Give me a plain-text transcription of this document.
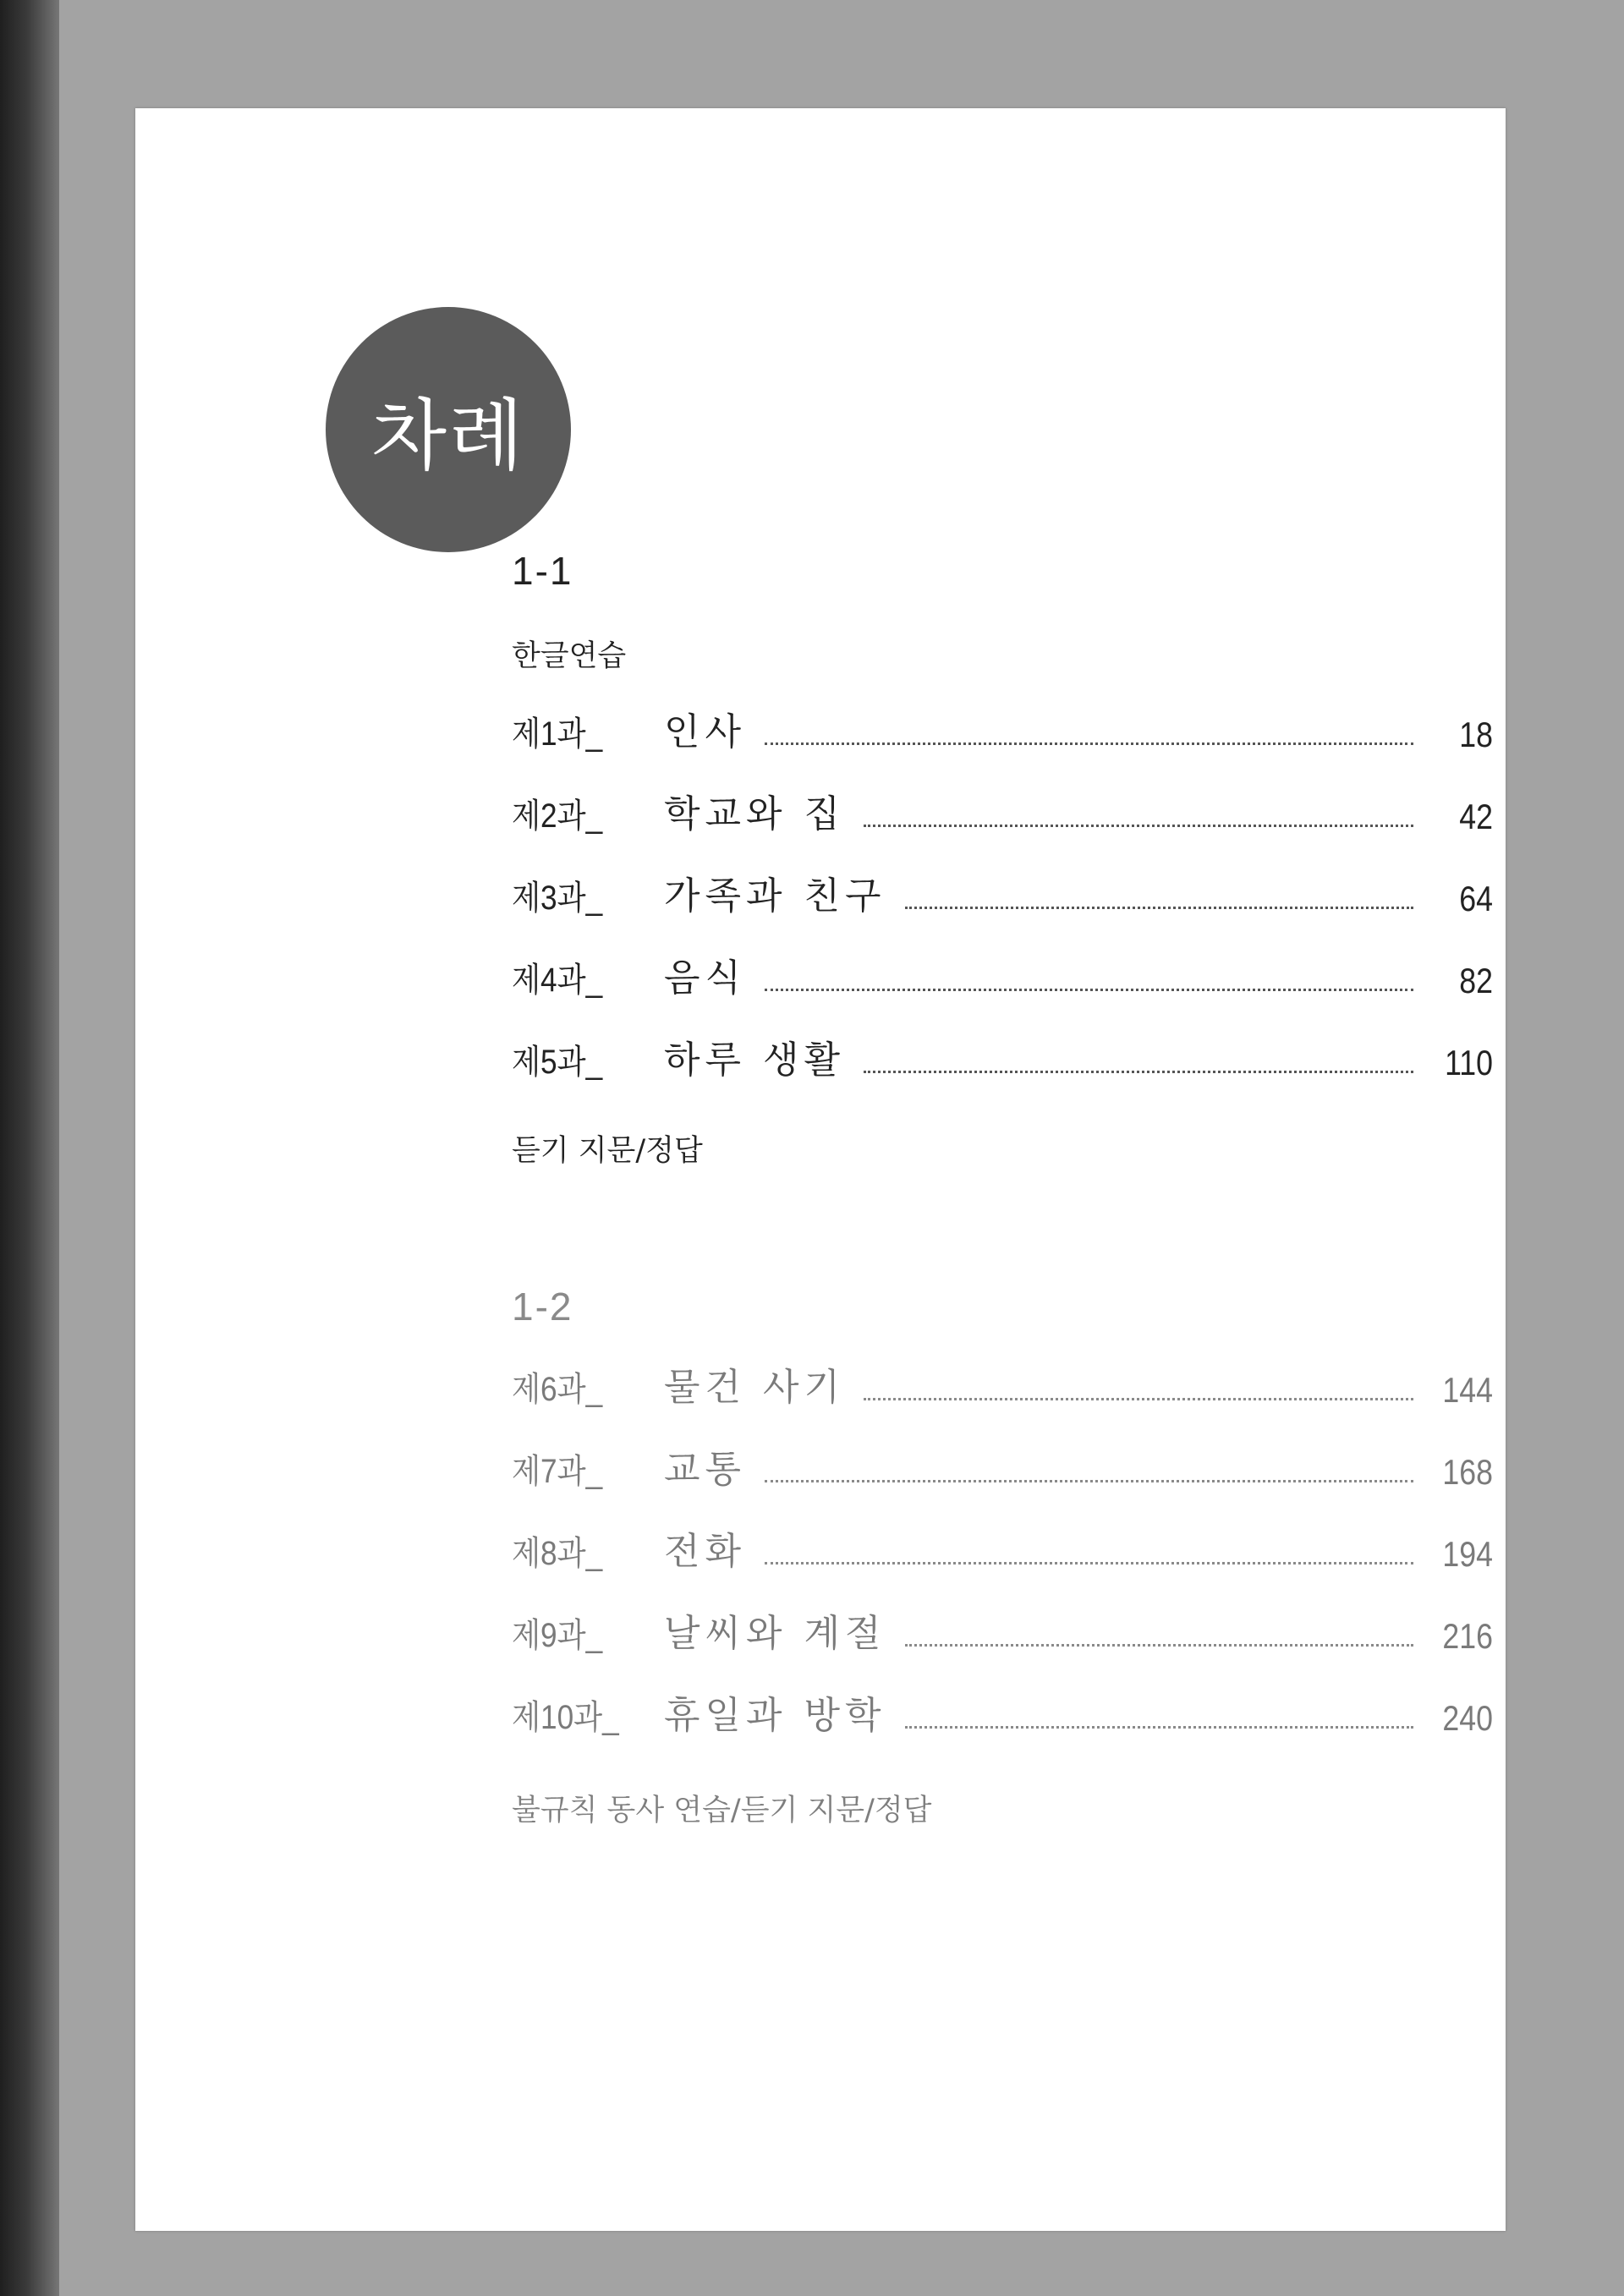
차례
1-1
한글연습
제1과_	인사	18
제2과_	학교와 집	42
제3과_	가족과 친구	64
제4과_	음식	82
제5과_	하루 생활	110
듣기 지문/정답
1-2
제6과_	물건 사기	144
제7과_	교통	168
제8과_	전화	194
제9과_	날씨와 계절	216
제10과_	휴일과 방학	240
불규칙 동사 연습/듣기 지문/정답
